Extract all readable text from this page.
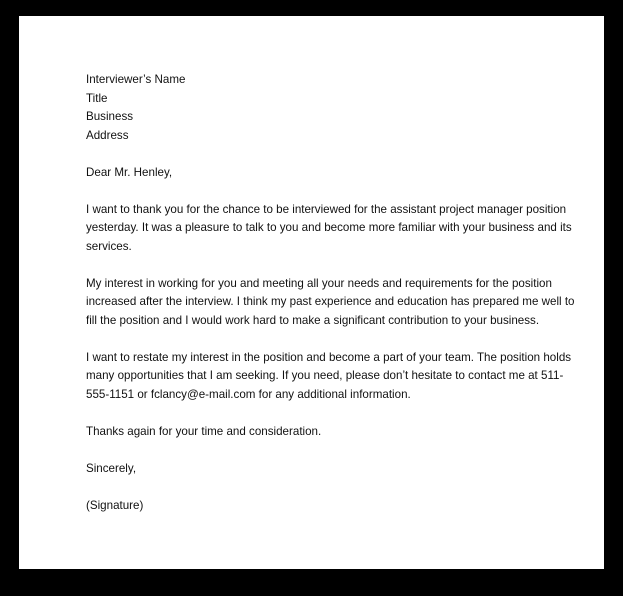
Interviewer’s Name
Title
Business
Address
Dear Mr. Henley,
I want to thank you for the chance to be interviewed for the assistant project manager position
yesterday. It was a pleasure to talk to you and become more familiar with your business and its
services.
My interest in working for you and meeting all your needs and requirements for the position
increased after the interview. I think my past experience and education has prepared me well to
fill the position and I would work hard to make a significant contribution to your business.
I want to restate my interest in the position and become a part of your team. The position holds
many opportunities that I am seeking. If you need, please don’t hesitate to contact me at 511-
555-1151 or fclancy@e-mail.com for any additional information.
Thanks again for your time and consideration.
Sincerely,
(Signature)
